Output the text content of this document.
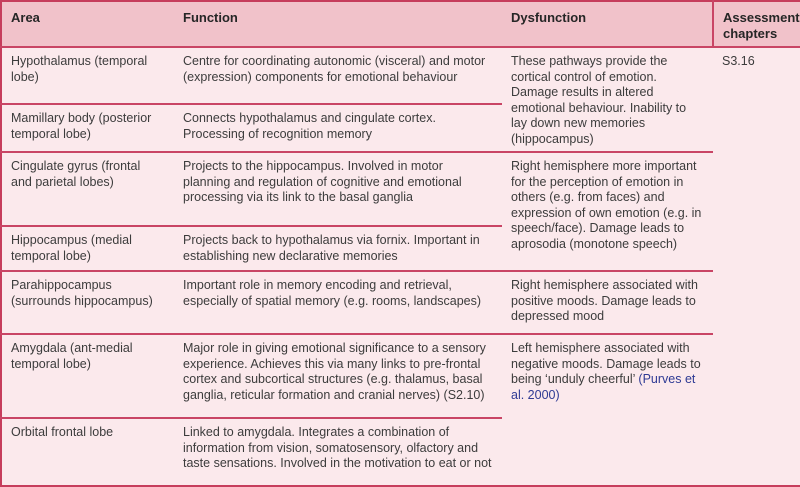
Area	Function	Dysfunction	Assessment chapters
Hypothalamus (temporal lobe)	Centre for coordinating autonomic (visceral) and motor (expression) components for emotional behaviour	These pathways provide the cortical control of emotion. Damage results in altered emotional behaviour. Inability to lay down new memories (hippocampus)	S3.16
Mamillary body (posterior temporal lobe)	Connects hypothalamus and cingulate cortex. Processing of recognition memory		
Cingulate gyrus (frontal and parietal lobes)	Projects to the hippocampus. Involved in motor planning and regulation of cognitive and emotional processing via its link to the basal ganglia	Right hemisphere more important for the perception of emotion in others (e.g. from faces) and expression of own emotion (e.g. in speech/face). Damage leads to aprosodia (monotone speech)	
Hippocampus (medial temporal lobe)	Projects back to hypothalamus via fornix. Important in establishing new declarative memories		
Parahippocampus (surrounds hippocampus)	Important role in memory encoding and retrieval, especially of spatial memory (e.g. rooms, landscapes)	Right hemisphere associated with positive moods. Damage leads to depressed mood	
Amygdala (ant-medial temporal lobe)	Major role in giving emotional significance to a sensory experience. Achieves this via many links to pre-frontal cortex and subcortical structures (e.g. thalamus, basal ganglia, reticular formation and cranial nerves) (S2.10)	Left hemisphere associated with negative moods. Damage leads to being ‘unduly cheerful’ (Purves et al. 2000)	
Orbital frontal lobe	Linked to amygdala. Integrates a combination of information from vision, somatosensory, olfactory and taste sensations. Involved in the motivation to eat or not		
